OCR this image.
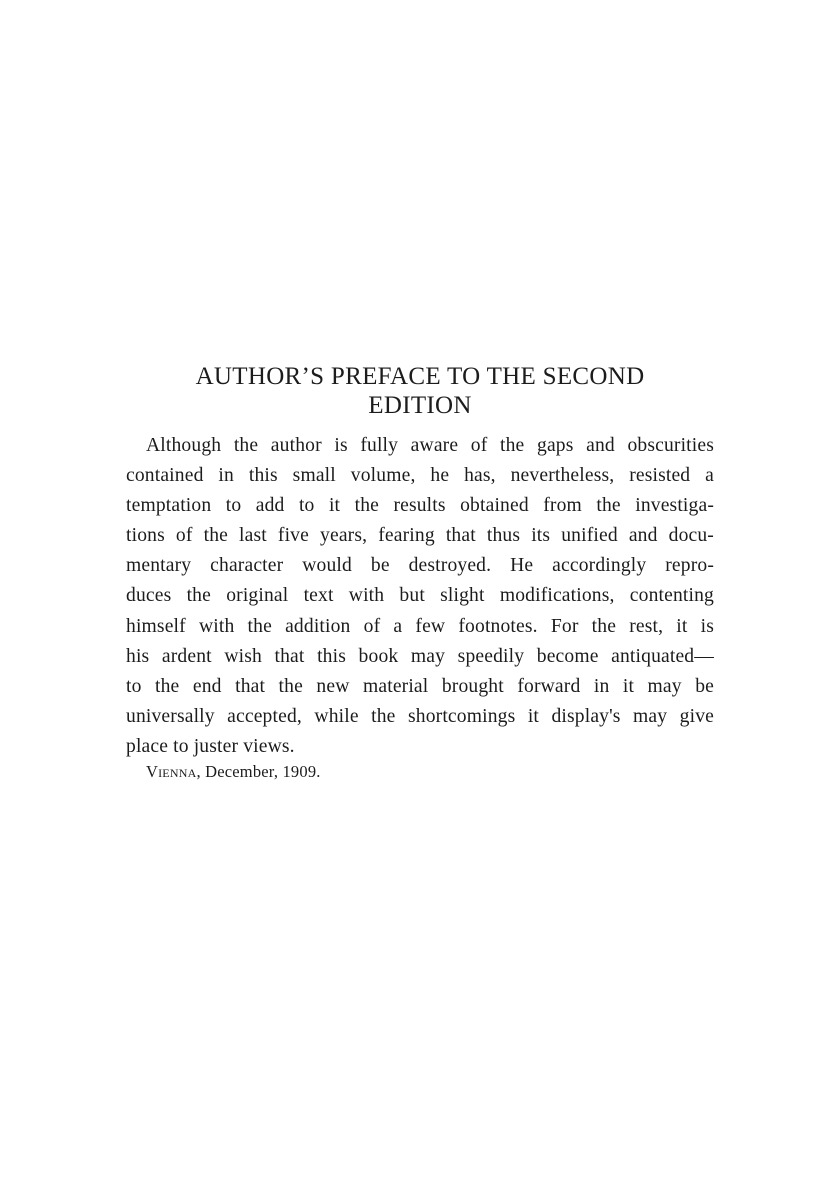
AUTHOR’S PREFACE TO THE SECOND
EDITION

Although the author is fully aware of the gaps and obscurities
contained in this small volume, he has, nevertheless, resisted a
temptation to add to it the results obtained from the investiga-
tions of the last five years, fearing that thus its unified and docu-
mentary character would be destroyed. He accordingly repro-
duces the original text with but slight modifications, contenting
himself with the addition of a few footnotes. For the rest, it is
his ardent wish that this book may speedily become antiquated—
to the end that the new material brought forward in it may be
universally accepted, while the shortcomings it display's may give
place to juster views.

Vienna, December, 1909.
